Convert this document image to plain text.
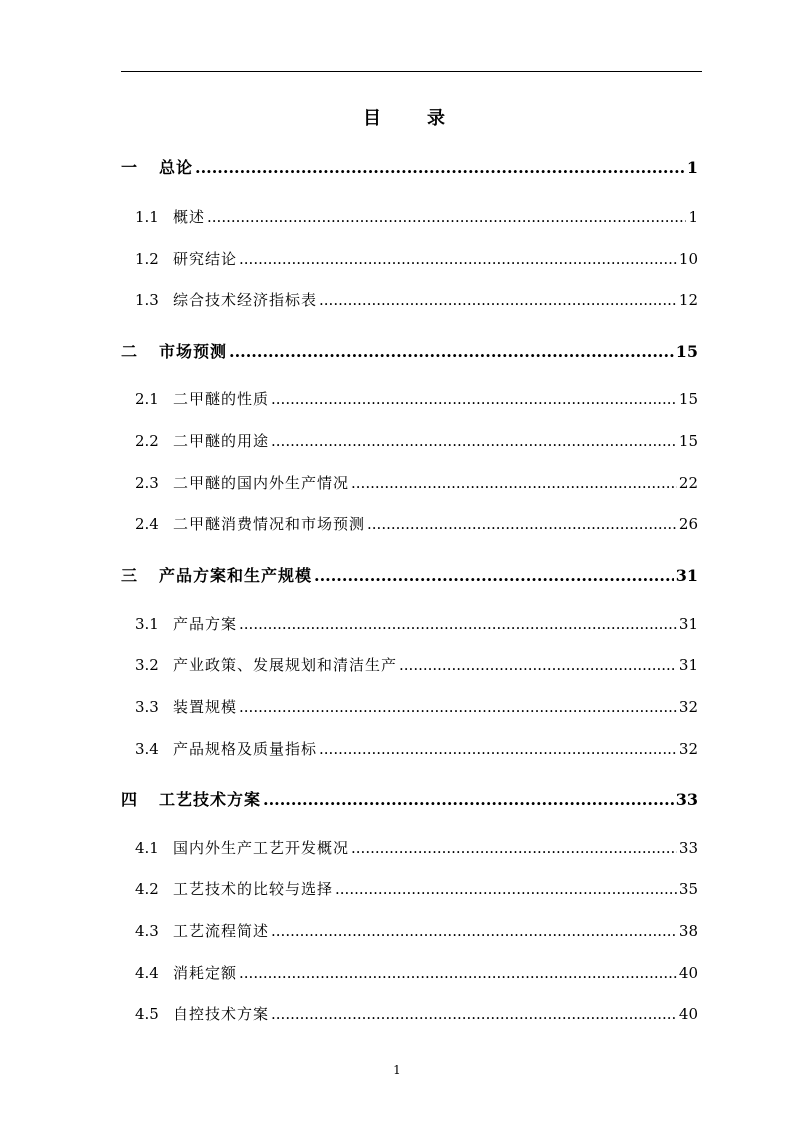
目　录
一	总论 .....	1
1.1 概述 .....	1
1.2 研究结论 .....	10
1.3 综合技术经济指标表 .....	12
二	市场预测 .....	15
2.1 二甲醚的性质 .....	15
2.2 二甲醚的用途 .....	15
2.3 二甲醚的国内外生产情况 .....	22
2.4 二甲醚消费情况和市场预测 .....	26
三	产品方案和生产规模 .....	31
3.1 产品方案 .....	31
3.2 产业政策、发展规划和清洁生产 .....	31
3.3 装置规模 .....	32
3.4 产品规格及质量指标 .....	32
四	工艺技术方案 .....	33
4.1 国内外生产工艺开发概况 .....	33
4.2 工艺技术的比较与选择 .....	35
4.3 工艺流程简述 .....	38
4.4 消耗定额 .....	40
4.5 自控技术方案 .....	40
1
